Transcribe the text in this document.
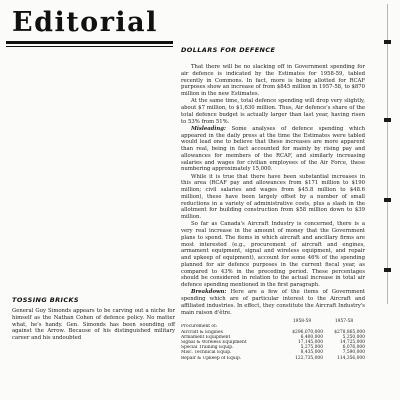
Editorial
DOLLARS FOR DEFENCE

That there will be no slacking off in Government spending for air defence is indicated by the Estimates for 1958-59, tabled recently in Commons. In fact, more is being allotted for RCAF purposes show an increase of from $845 million in 1957-58, to $870 million in the new Estimates.

At the same time, total defence spending will drop very slightly, about $7 million, to $1,630 million. Thus, Air defence's share of the total defence budget is actually larger than last year, having risen to 53% from 51%.

Misleading: Some analyses of defence spending which appeared in the daily press at the time the Estimates were tabled would lead one to believe that these increases are more apparent than real, being in fact accounted for mainly by rising pay and allowances for members of the RCAF, and similarly increasing salaries and wages for civilian employees of the Air Force, these numbering approximately 15,000.

While it is true that there have been substantial increases in this area (RCAF pay and allowances from $171 million to $190 million; civil salaries and wages from $45.8 million to $48.6 million), these have been largely offset by a number of small reductions in a variety of administrative costs, plus a slash in the allotment for building construction from $58 million down to $39 million.

So far as Canada's Aircraft Industry is concerned, there is a very real increase in the amount of money that the Government plans to spend. The items in which aircraft and ancillary firms are most interested (e.g., procurement of aircraft and engines, armament equipment, signal and wireless equipment, and repair and upkeep of equipment), account for some 46% of the spending planned for air defence purposes in the current fiscal year, as compared to 43% in the preceding period. These percentages should be considered in relation to the actual increase in total air defence spending mentioned in the first paragraph.

Breakdown: Here are a few of the items of Government spending which are of particular interest to the Aircraft and affiliated industries. In effect, they constitute the Aircraft Industry's main raison d'être.

1958-59	1957-58
Procurement of:
Aircraft & Engines	$296,070,000	$278,865,000
Armament Equipment	6,400,000	5,250,000
Signal & Wireless Equipment	17,145,000	14,725,000
Special Training Equip.	5,275,000	6,076,000
Misc. Technical Equip.	8,435,000	7,590,000
Repair & Upkeep of Equip.	122,735,000	114,356,000
TOSSING BRICKS

General Guy Simonds appears to be carving out a niche for himself as the Nathan Cohen of defence policy. No matter what, he's handy. Gen. Simonds has been sounding off against the Arrow. Because of his distinguished military career and his undoubted
